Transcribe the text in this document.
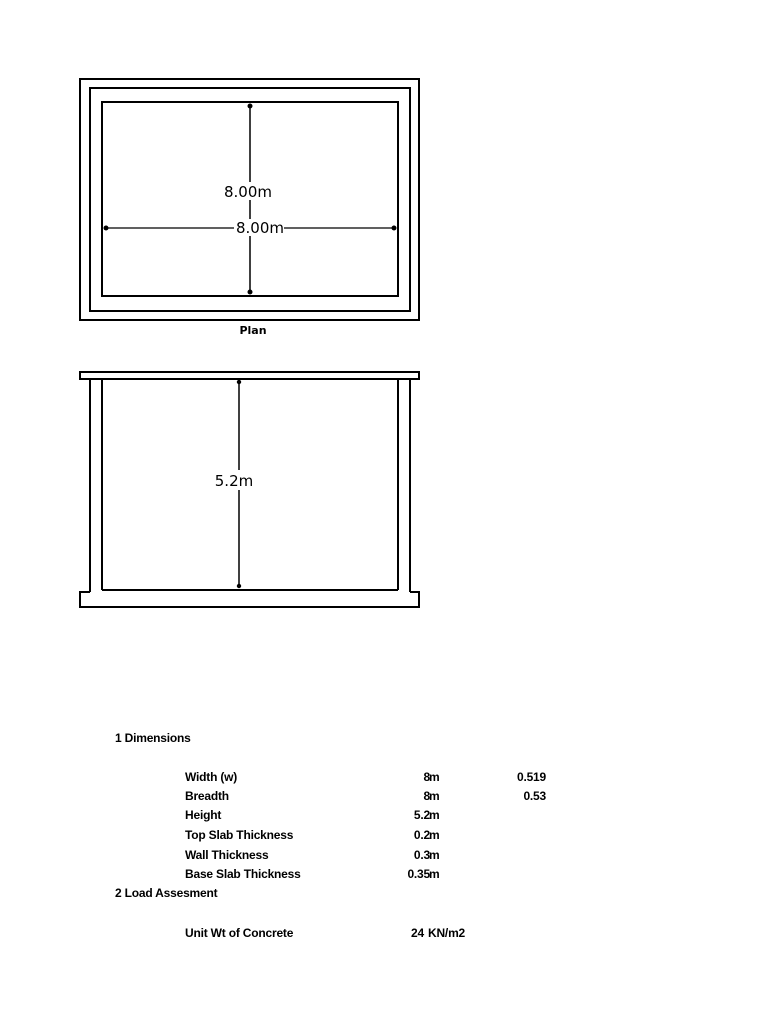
8.00m
8.00m
Plan
5.2m
1 Dimensions
Width (w)	8 m	0.519
Breadth	8 m	0.53
Height	5.2 m
Top Slab Thickness	0.2 m
Wall Thickness	0.3 m
Base Slab Thickness	0.35 m
2 Load Assesment
Unit Wt of Concrete	24 KN/m2
